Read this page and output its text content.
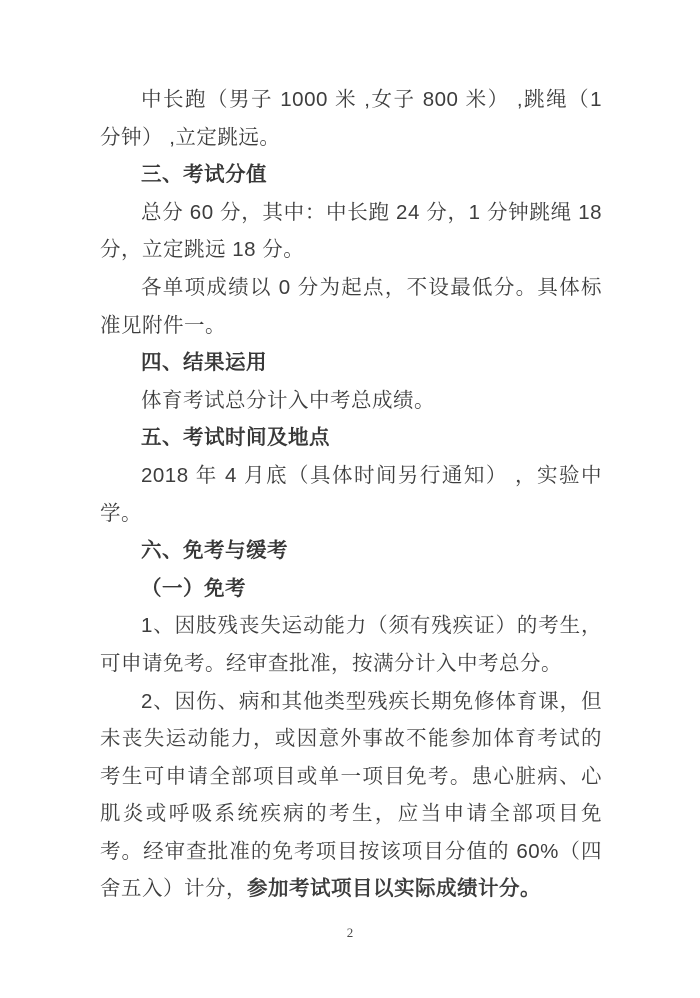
中长跑（男子 1000 米 ,女子 800 米） ,跳绳（1 分钟） ,立定跳远。

三、考试分值

总分 60 分，其中：中长跑 24 分，1 分钟跳绳 18 分，立定跳远 18 分。

各单项成绩以 0 分为起点，不设最低分。具体标准见附件一。

四、结果运用

体育考试总分计入中考总成绩。

五、考试时间及地点

2018 年 4 月底（具体时间另行通知） ，实验中学。

六、免考与缓考

（一）免考

1、因肢残丧失运动能力（须有残疾证）的考生，可申请免考。经审查批准，按满分计入中考总分。

2、因伤、病和其他类型残疾长期免修体育课，但未丧失运动能力，或因意外事故不能参加体育考试的考生可申请全部项目或单一项目免考。患心脏病、心肌炎或呼吸系统疾病的考生，应当申请全部项目免考。经审查批准的免考项目按该项目分值的 60%（四舍五入）计分，参加考试项目以实际成绩计分。

2
